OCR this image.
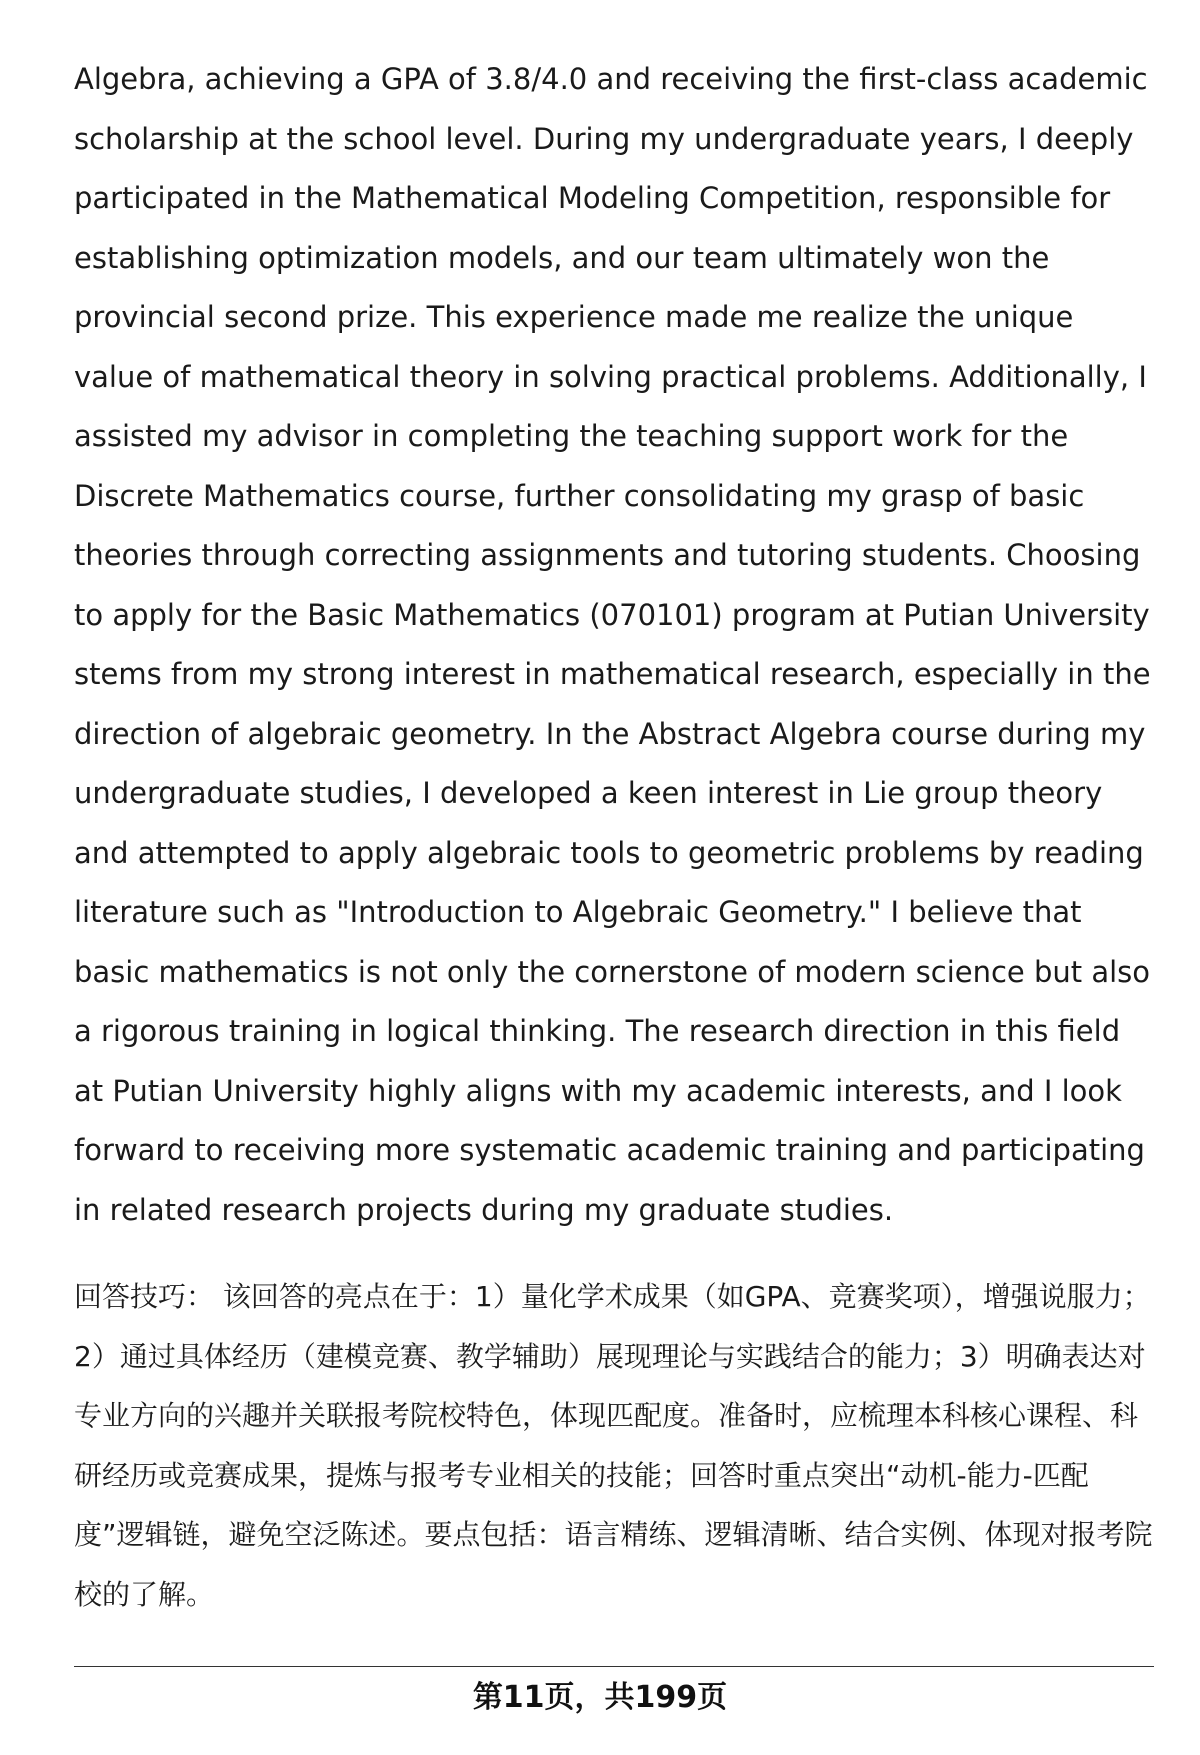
Algebra, achieving a GPA of 3.8/4.0 and receiving the first-class academic scholarship at the school level. During my undergraduate years, I deeply participated in the Mathematical Modeling Competition, responsible for establishing optimization models, and our team ultimately won the provincial second prize. This experience made me realize the unique value of mathematical theory in solving practical problems. Additionally, I assisted my advisor in completing the teaching support work for the Discrete Mathematics course, further consolidating my grasp of basic theories through correcting assignments and tutoring students. Choosing to apply for the Basic Mathematics (070101) program at Putian University stems from my strong interest in mathematical research, especially in the direction of algebraic geometry. In the Abstract Algebra course during my undergraduate studies, I developed a keen interest in Lie group theory and attempted to apply algebraic tools to geometric problems by reading literature such as "Introduction to Algebraic Geometry." I believe that basic mathematics is not only the cornerstone of modern science but also a rigorous training in logical thinking. The research direction in this field at Putian University highly aligns with my academic interests, and I look forward to receiving more systematic academic training and participating in related research projects during my graduate studies.

回答技巧： 该回答的亮点在于：1）量化学术成果（如GPA、竞赛奖项），增强说服力；2）通过具体经历（建模竞赛、教学辅助）展现理论与实践结合的能力；3）明确表达对专业方向的兴趣并关联报考院校特色，体现匹配度。准备时，应梳理本科核心课程、科研经历或竞赛成果，提炼与报考专业相关的技能；回答时重点突出“动机-能力-匹配度”逻辑链，避免空泛陈述。要点包括：语言精练、逻辑清晰、结合实例、体现对报考院校的了解。

第11页，共199页
